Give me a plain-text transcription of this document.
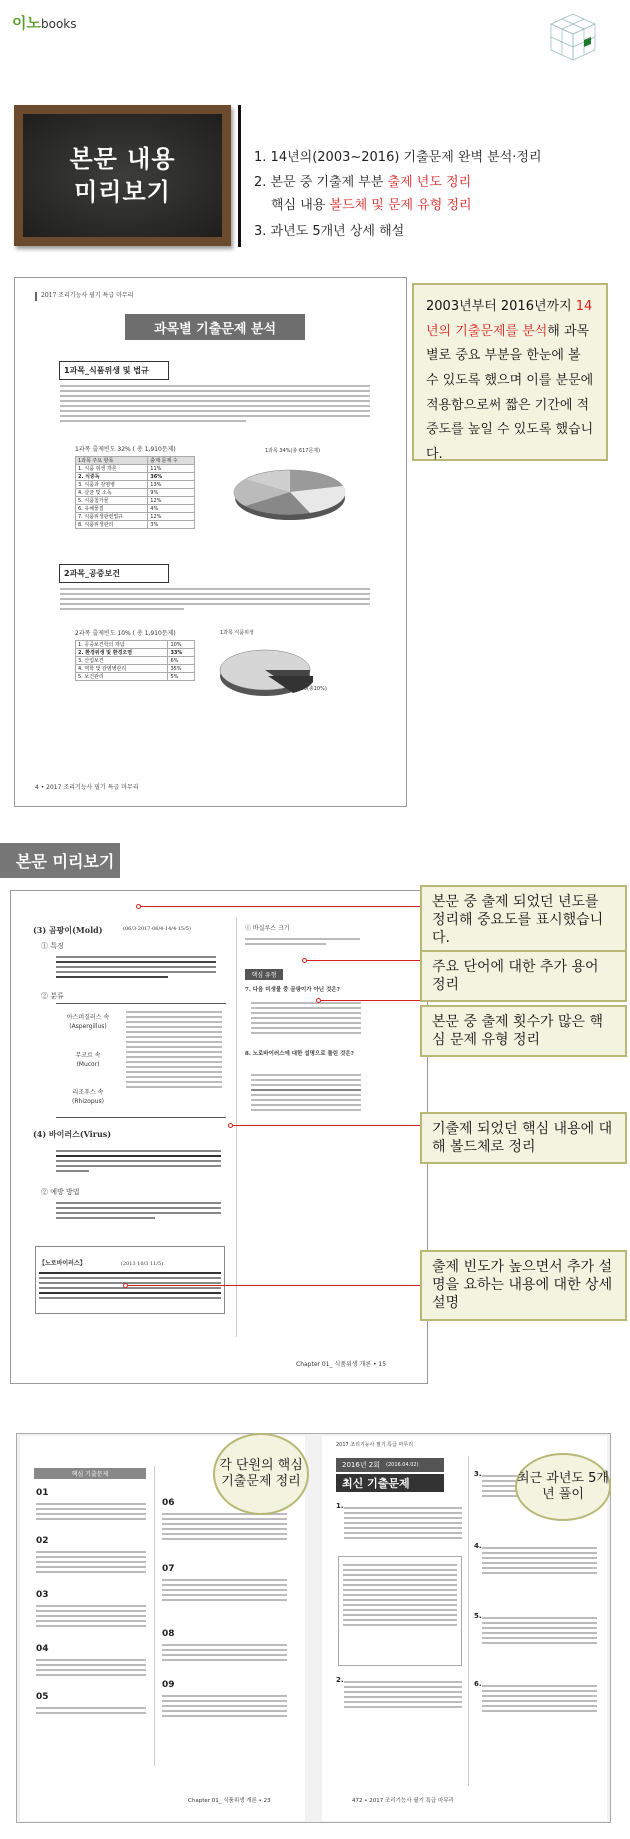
이노books
본문 내용
미리보기
1. 14년의(2003~2016) 기출문제 완벽 분석·정리
2. 본문 중 기출제 부분 출제 년도 정리
핵심 내용 볼드체 및 문제 유형 정리
3. 과년도 5개년 상세 해설
2017 조리기능사 필기 특급 마무리
과목별 기출문제 분석
1과목_식품위생 및 법규
1과목 출제빈도 32% ( 총 1,910문제)
1과목 주요 항목	출제 문제 수
1. 식품 위생 개론	11%
2. 식중독	36%
3. 식품과 감염병	13%
4. 살균 및 소독	9%
5. 식품첨가물	12%
6. 유해물질	4%
7. 식품위생관련법규	12%
8. 식품위생관리	3%
1과목 34%(총 617문제)
2과목_공중보건
2과목 출제빈도 10% ( 총 1,910문제)
1. 공중보건학의 개념	10%
2. 환경위생 및 환경오염	33%
3. 산업보건	6%
4. 역학 및 감염병관리	35%
5. 보건관리	5%
1과목 식품위생
2과목 189(총10%)
4 • 2017 조리기능사 필기 특급 마무리
2003년부터 2016년까지 14년의 기출문제를 분석해 과목별로 중요 부분을 한눈에 볼 수 있도록 했으며 이를 분문에 적용함으로써 짧은 기간에 적중도를 높일 수 있도록 했습니다.
본문 미리보기
(3) 곰팡이(Mold)	(06/3·2017·06/4·14/4·15/5)
① 특징
② 분류
아스퍼질러스 속
(Aspergillus)
무코르 속
(Mucor)
리조푸스 속
(Rhizopus)
(4) 바이러스(Virus)
② 예방 방법
【노로바이러스】	(2013 10/3 11/5)
① 바실루스 크기
핵심 유형
7. 다음 미생물 중 곰팡이가 아닌 것은?
8. 노로바이러스에 대한 설명으로 틀린 것은?
Chapter 01_ 식품위생 개론 • 15
본문 중 출제 되었던 년도를 정리해 중요도를 표시했습니다.
주요 단어에 대한 추가 용어 정리
본문 중 출제 횟수가 많은 핵심 문제 유형 정리
기출제 되었던 핵심 내용에 대해 볼드체로 정리
출제 빈도가 높으면서 추가 설명을 요하는 내용에 대한 상세 설명
핵심 기출문제
01
02
03
04
05
06
07
08
09
Chapter 01_ 식품위생 개론 • 23
2017 조리기능사 필기 특급 마무리
2016년 2회 (2016.04.02)
최신 기출문제
1.
2.
3.
4.
5.
6.
472 • 2017 조리기능사 필기 특급 마무리
각 단원의 핵심 기출문제 정리	최근 과년도 5개년 풀이
